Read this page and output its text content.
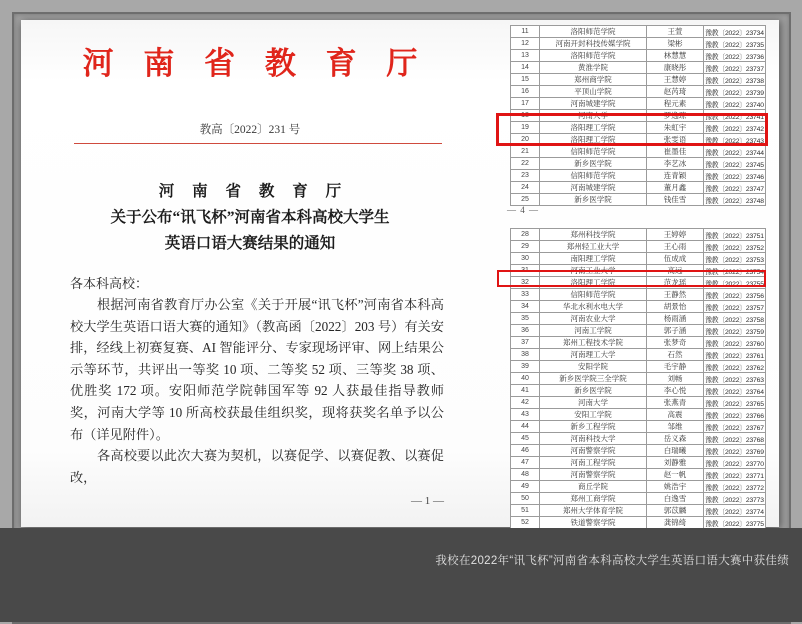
河 南 省 教 育 厅
教高〔2022〕231 号
河 南 省 教 育 厅
关于公布“讯飞杯”河南省本科高校大学生
英语口语大赛结果的通知
各本科高校：

根据河南省教育厅办公室《关于开展“讯飞杯”河南省本科高校大学生英语口语大赛的通知》（教高函〔2022〕203 号）有关安排，经线上初赛复赛、AI 智能评分、专家现场评审、网上结果公示等环节，共评出一等奖 10 项、二等奖 52 项、三等奖 38 项、优胜奖 172 项。安阳师范学院韩国军等 92 人获最佳指导教师奖，河南大学等 10 所高校获最佳组织奖，现将获奖名单予以公布（详见附件）。

各高校要以此次大赛为契机，以赛促学、以赛促教、以赛促改，

— 1 —
11	洛阳师范学院	王萱	豫教〔2022〕23734
12	河南开封科技传媒学院	梁彬	豫教〔2022〕23735
13	洛阳师范学院	林慧慧	豫教〔2022〕23736
14	黄淮学院	康晓彤	豫教〔2022〕23737
15	郑州商学院	王慧婷	豫教〔2022〕23738
16	平顶山学院	赵芮琦	豫教〔2022〕23739
17	河南城建学院	程元素	豫教〔2022〕23740
18	河南大学	罗逸琼	豫教〔2022〕23741
19	洛阳理工学院	朱虹宇	豫教〔2022〕23742
20	洛阳理工学院	张雯语	豫教〔2022〕23743
21	信阳师范学院	崔墨佳	豫教〔2022〕23744
22	新乡医学院	李艺冰	豫教〔2022〕23745
23	信阳师范学院	连青颖	豫教〔2022〕23746
24	河南城建学院	董月鑫	豫教〔2022〕23747
25	新乡医学院	钱佳雪	豫教〔2022〕23748
— 4 —
28	郑州科技学院	王婷婷	豫教〔2022〕23751
29	郑州轻工业大学	王心雨	豫教〔2022〕23752
30	南阳理工学院	伍成成	豫教〔2022〕23753
31	河南工业大学	高远	豫教〔2022〕23754
32	洛阳理工学院	范龙瑶	豫教〔2022〕23755
33	信阳师范学院	王静然	豫教〔2022〕23756
34	华北水利水电大学	胡景怡	豫教〔2022〕23757
35	河南农业大学	杨雨涵	豫教〔2022〕23758
36	河南工学院	郭子涵	豫教〔2022〕23759
37	郑州工程技术学院	张梦奇	豫教〔2022〕23760
38	河南理工大学	石然	豫教〔2022〕23761
39	安阳学院	毛宇静	豫教〔2022〕23762
40	新乡医学院三全学院	刘畅	豫教〔2022〕23763
41	新乡医学院	李心悦	豫教〔2022〕23764
42	河南大学	张燕青	豫教〔2022〕23765
43	安阳工学院	高震	豫教〔2022〕23766
44	新乡工程学院	邹维	豫教〔2022〕23767
45	河南科技大学	岳义森	豫教〔2022〕23768
46	河南警察学院	白瑞曦	豫教〔2022〕23769
47	河南工程学院	刘静雅	豫教〔2022〕23770
48	河南警察学院	赵一帆	豫教〔2022〕23771
49	商丘学院	姚浩宇	豫教〔2022〕23772
50	郑州工商学院	白逸雪	豫教〔2022〕23773
51	郑州大学体育学院	郭苡麟	豫教〔2022〕23774
52	铁道警察学院	龚锦绮	豫教〔2022〕23775
我校在2022年“讯飞杯”河南省本科高校大学生英语口语大赛中获佳绩
